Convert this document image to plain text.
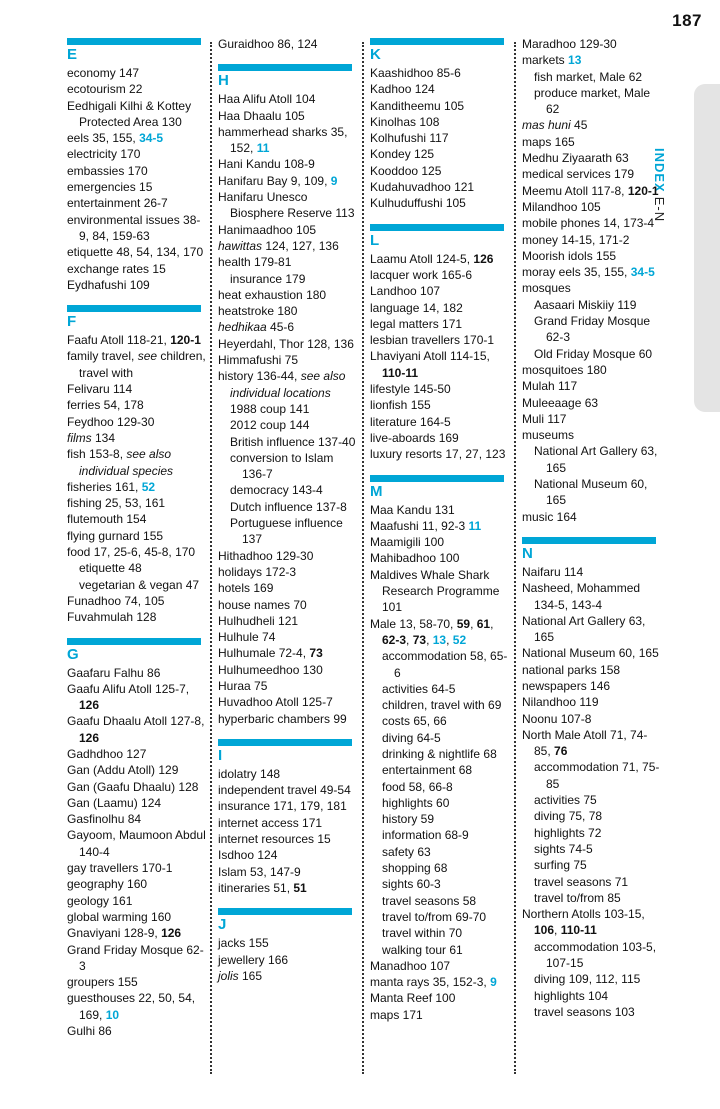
187
INDEXE-N
E
economy 147
ecotourism 22
Eedhigali Kilhi & Kottey Protected Area 130
eels 35, 155, 34-5
electricity 170
embassies 170
emergencies 15
entertainment 26-7
environmental issues 38-9, 84, 159-63
etiquette 48, 54, 134, 170
exchange rates 15
Eydhafushi 109
F
Faafu Atoll 118-21, 120-1
family travel, see children, travel with
Felivaru 114
ferries 54, 178
Feydhoo 129-30
films 134
fish 153-8, see also individual species
fisheries 161, 52
fishing 25, 53, 161
flutemouth 154
flying gurnard 155
food 17, 25-6, 45-8, 170
etiquette 48
vegetarian & vegan 47
Funadhoo 74, 105
Fuvahmulah 128
G
Gaafaru Falhu 86
Gaafu Alifu Atoll 125-7, 126
Gaafu Dhaalu Atoll 127-8, 126
Gadhdhoo 127
Gan (Addu Atoll) 129
Gan (Gaafu Dhaalu) 128
Gan (Laamu) 124
Gasfinolhu 84
Gayoom, Maumoon Abdul 140-4
gay travellers 170-1
geography 160
geology 161
global warming 160
Gnaviyani 128-9, 126
Grand Friday Mosque 62-3
groupers 155
guesthouses 22, 50, 54, 169, 10
Gulhi 86
Guraidhoo 86, 124
H
Haa Alifu Atoll 104
Haa Dhaalu 105
hammerhead sharks 35, 152, 11
Hani Kandu 108-9
Hanifaru Bay 9, 109, 9
Hanifaru Unesco Biosphere Reserve 113
Hanimaadhoo 105
hawittas 124, 127, 136
health 179-81
insurance 179
heat exhaustion 180
heatstroke 180
hedhikaa 45-6
Heyerdahl, Thor 128, 136
Himmafushi 75
history 136-44, see also individual locations
1988 coup 141
2012 coup 144
British influence 137-40
conversion to Islam 136-7
democracy 143-4
Dutch influence 137-8
Portuguese influence 137
Hithadhoo 129-30
holidays 172-3
hotels 169
house names 70
Hulhudheli 121
Hulhule 74
Hulhumale 72-4, 73
Hulhumeedhoo 130
Huraa 75
Huvadhoo Atoll 125-7
hyperbaric chambers 99
I
idolatry 148
independent travel 49-54
insurance 171, 179, 181
internet access 171
internet resources 15
Isdhoo 124
Islam 53, 147-9
itineraries 51, 51
J
jacks 155
jewellery 166
jolis 165
K
Kaashidhoo 85-6
Kadhoo 124
Kanditheemu 105
Kinolhas 108
Kolhufushi 117
Kondey 125
Kooddoo 125
Kudahuvadhoo 121
Kulhuduffushi 105
L
Laamu Atoll 124-5, 126
lacquer work 165-6
Landhoo 107
language 14, 182
legal matters 171
lesbian travellers 170-1
Lhaviyani Atoll 114-15, 110-11
lifestyle 145-50
lionfish 155
literature 164-5
live-aboards 169
luxury resorts 17, 27, 123
M
Maa Kandu 131
Maafushi 11, 92-3 11
Maamigili 100
Mahibadhoo 100
Maldives Whale Shark Research Programme 101
Male 13, 58-70, 59, 61, 62-3, 73, 13, 52
accommodation 58, 65-6
activities 64-5
children, travel with 69
costs 65, 66
diving 64-5
drinking & nightlife 68
entertainment 68
food 58, 66-8
highlights 60
history 59
information 68-9
safety 63
shopping 68
sights 60-3
travel seasons 58
travel to/from 69-70
travel within 70
walking tour 61
Manadhoo 107
manta rays 35, 152-3, 9
Manta Reef 100
maps 171
Maradhoo 129-30
markets 13
fish market, Male 62
produce market, Male 62
mas huni 45
maps 165
Medhu Ziyaarath 63
medical services 179
Meemu Atoll 117-8, 120-1
Milandhoo 105
mobile phones 14, 173-4
money 14-15, 171-2
Moorish idols 155
moray eels 35, 155, 34-5
mosques
Aasaari Miskiiy 119
Grand Friday Mosque 62-3
Old Friday Mosque 60
mosquitoes 180
Mulah 117
Muleeaage 63
Muli 117
museums
National Art Gallery 63, 165
National Museum 60, 165
music 164
N
Naifaru 114
Nasheed, Mohammed 134-5, 143-4
National Art Gallery 63, 165
National Museum 60, 165
national parks 158
newspapers 146
Nilandhoo 119
Noonu 107-8
North Male Atoll 71, 74-85, 76
accommodation 71, 75-85
activities 75
diving 75, 78
highlights 72
sights 74-5
surfing 75
travel seasons 71
travel to/from 85
Northern Atolls 103-15, 106, 110-11
accommodation 103-5, 107-15
diving 109, 112, 115
highlights 104
travel seasons 103
